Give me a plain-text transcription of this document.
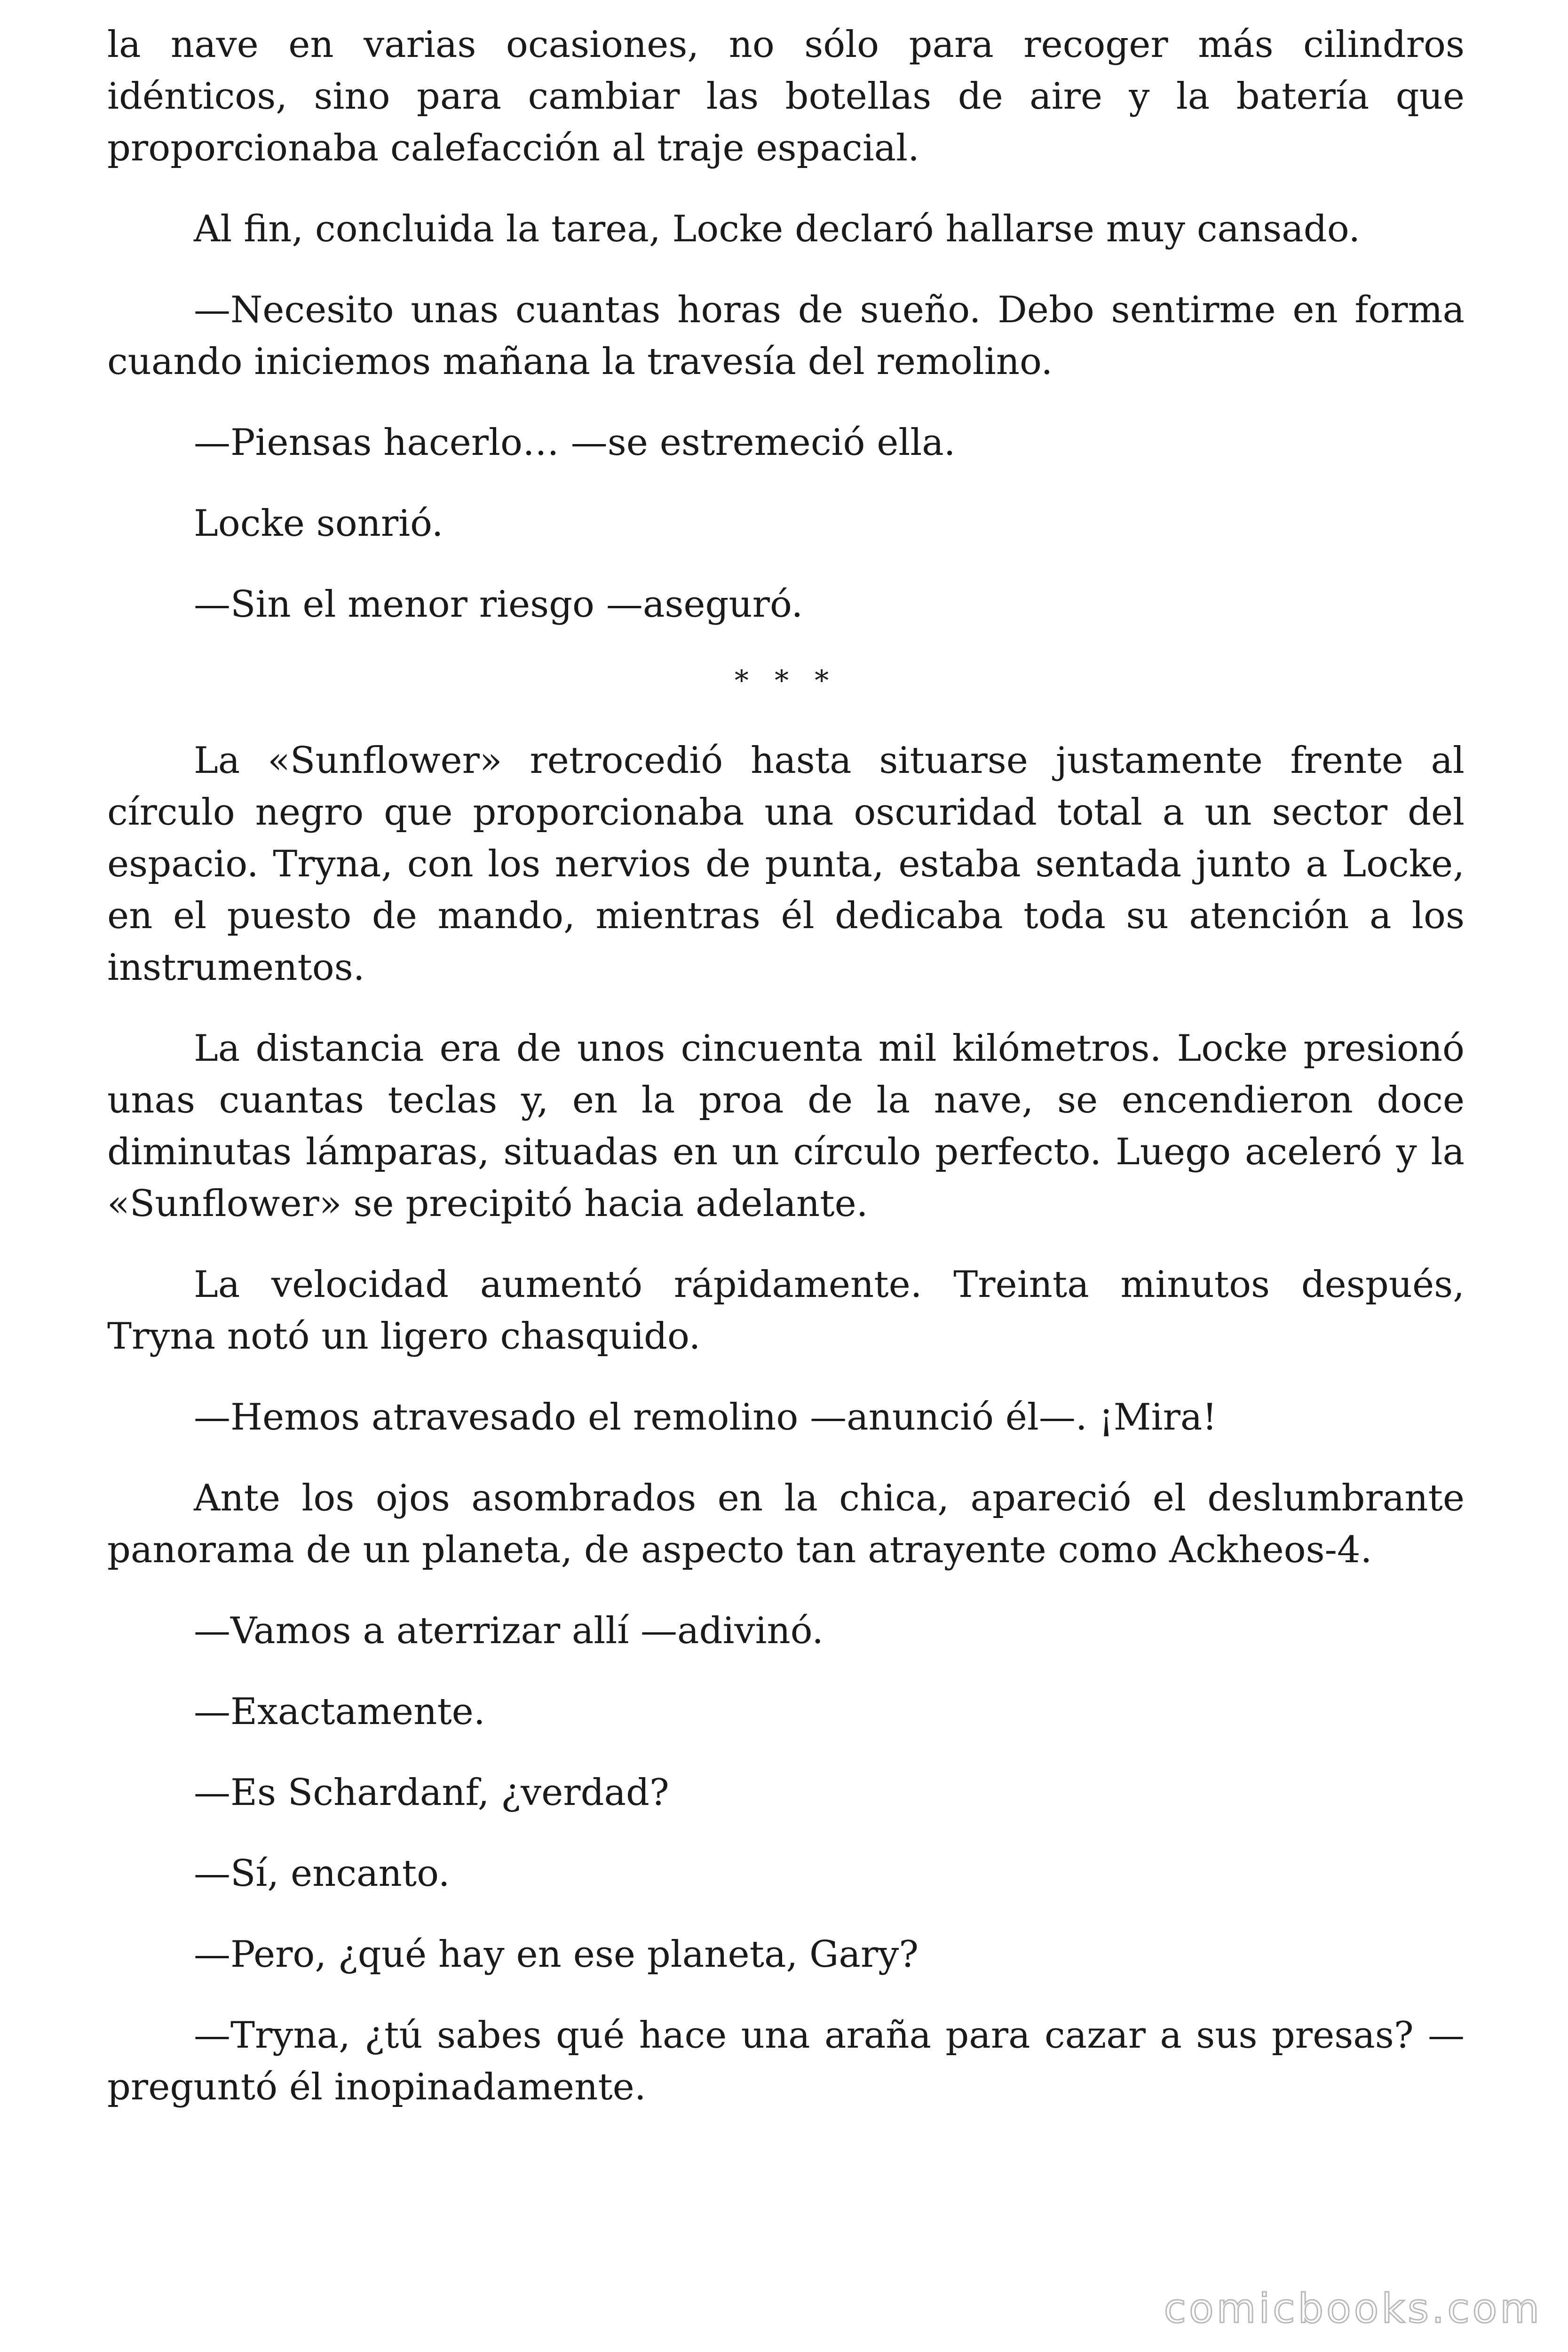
la nave en varias ocasiones, no sólo para recoger más cilindros idénticos, sino para cambiar las botellas de aire y la batería que proporcionaba calefacción al traje espacial.

Al fin, concluida la tarea, Locke declaró hallarse muy cansado.

—Necesito unas cuantas horas de sueño. Debo sentirme en forma cuando iniciemos mañana la travesía del remolino.

—Piensas hacerlo… —se estremeció ella.

Locke sonrió.

—Sin el menor riesgo —aseguró.

* * *

La «Sunflower» retrocedió hasta situarse justamente frente al círculo negro que proporcionaba una oscuridad total a un sector del espacio. Tryna, con los nervios de punta, estaba sentada junto a Locke, en el puesto de mando, mientras él dedicaba toda su atención a los instrumentos.

La distancia era de unos cincuenta mil kilómetros. Locke presionó unas cuantas teclas y, en la proa de la nave, se encendieron doce diminutas lámparas, situadas en un círculo perfecto. Luego aceleró y la «Sunflower» se precipitó hacia adelante.

La velocidad aumentó rápidamente. Treinta minutos después, Tryna notó un ligero chasquido.

—Hemos atravesado el remolino —anunció él—. ¡Mira!

Ante los ojos asombrados en la chica, apareció el deslumbrante panorama de un planeta, de aspecto tan atrayente como Ackheos-4.

—Vamos a aterrizar allí —adivinó.

—Exactamente.

—Es Schardanf, ¿verdad?

—Sí, encanto.

—Pero, ¿qué hay en ese planeta, Gary?

—Tryna, ¿tú sabes qué hace una araña para cazar a sus presas? —preguntó él inopinadamente.

comicbooks.com
